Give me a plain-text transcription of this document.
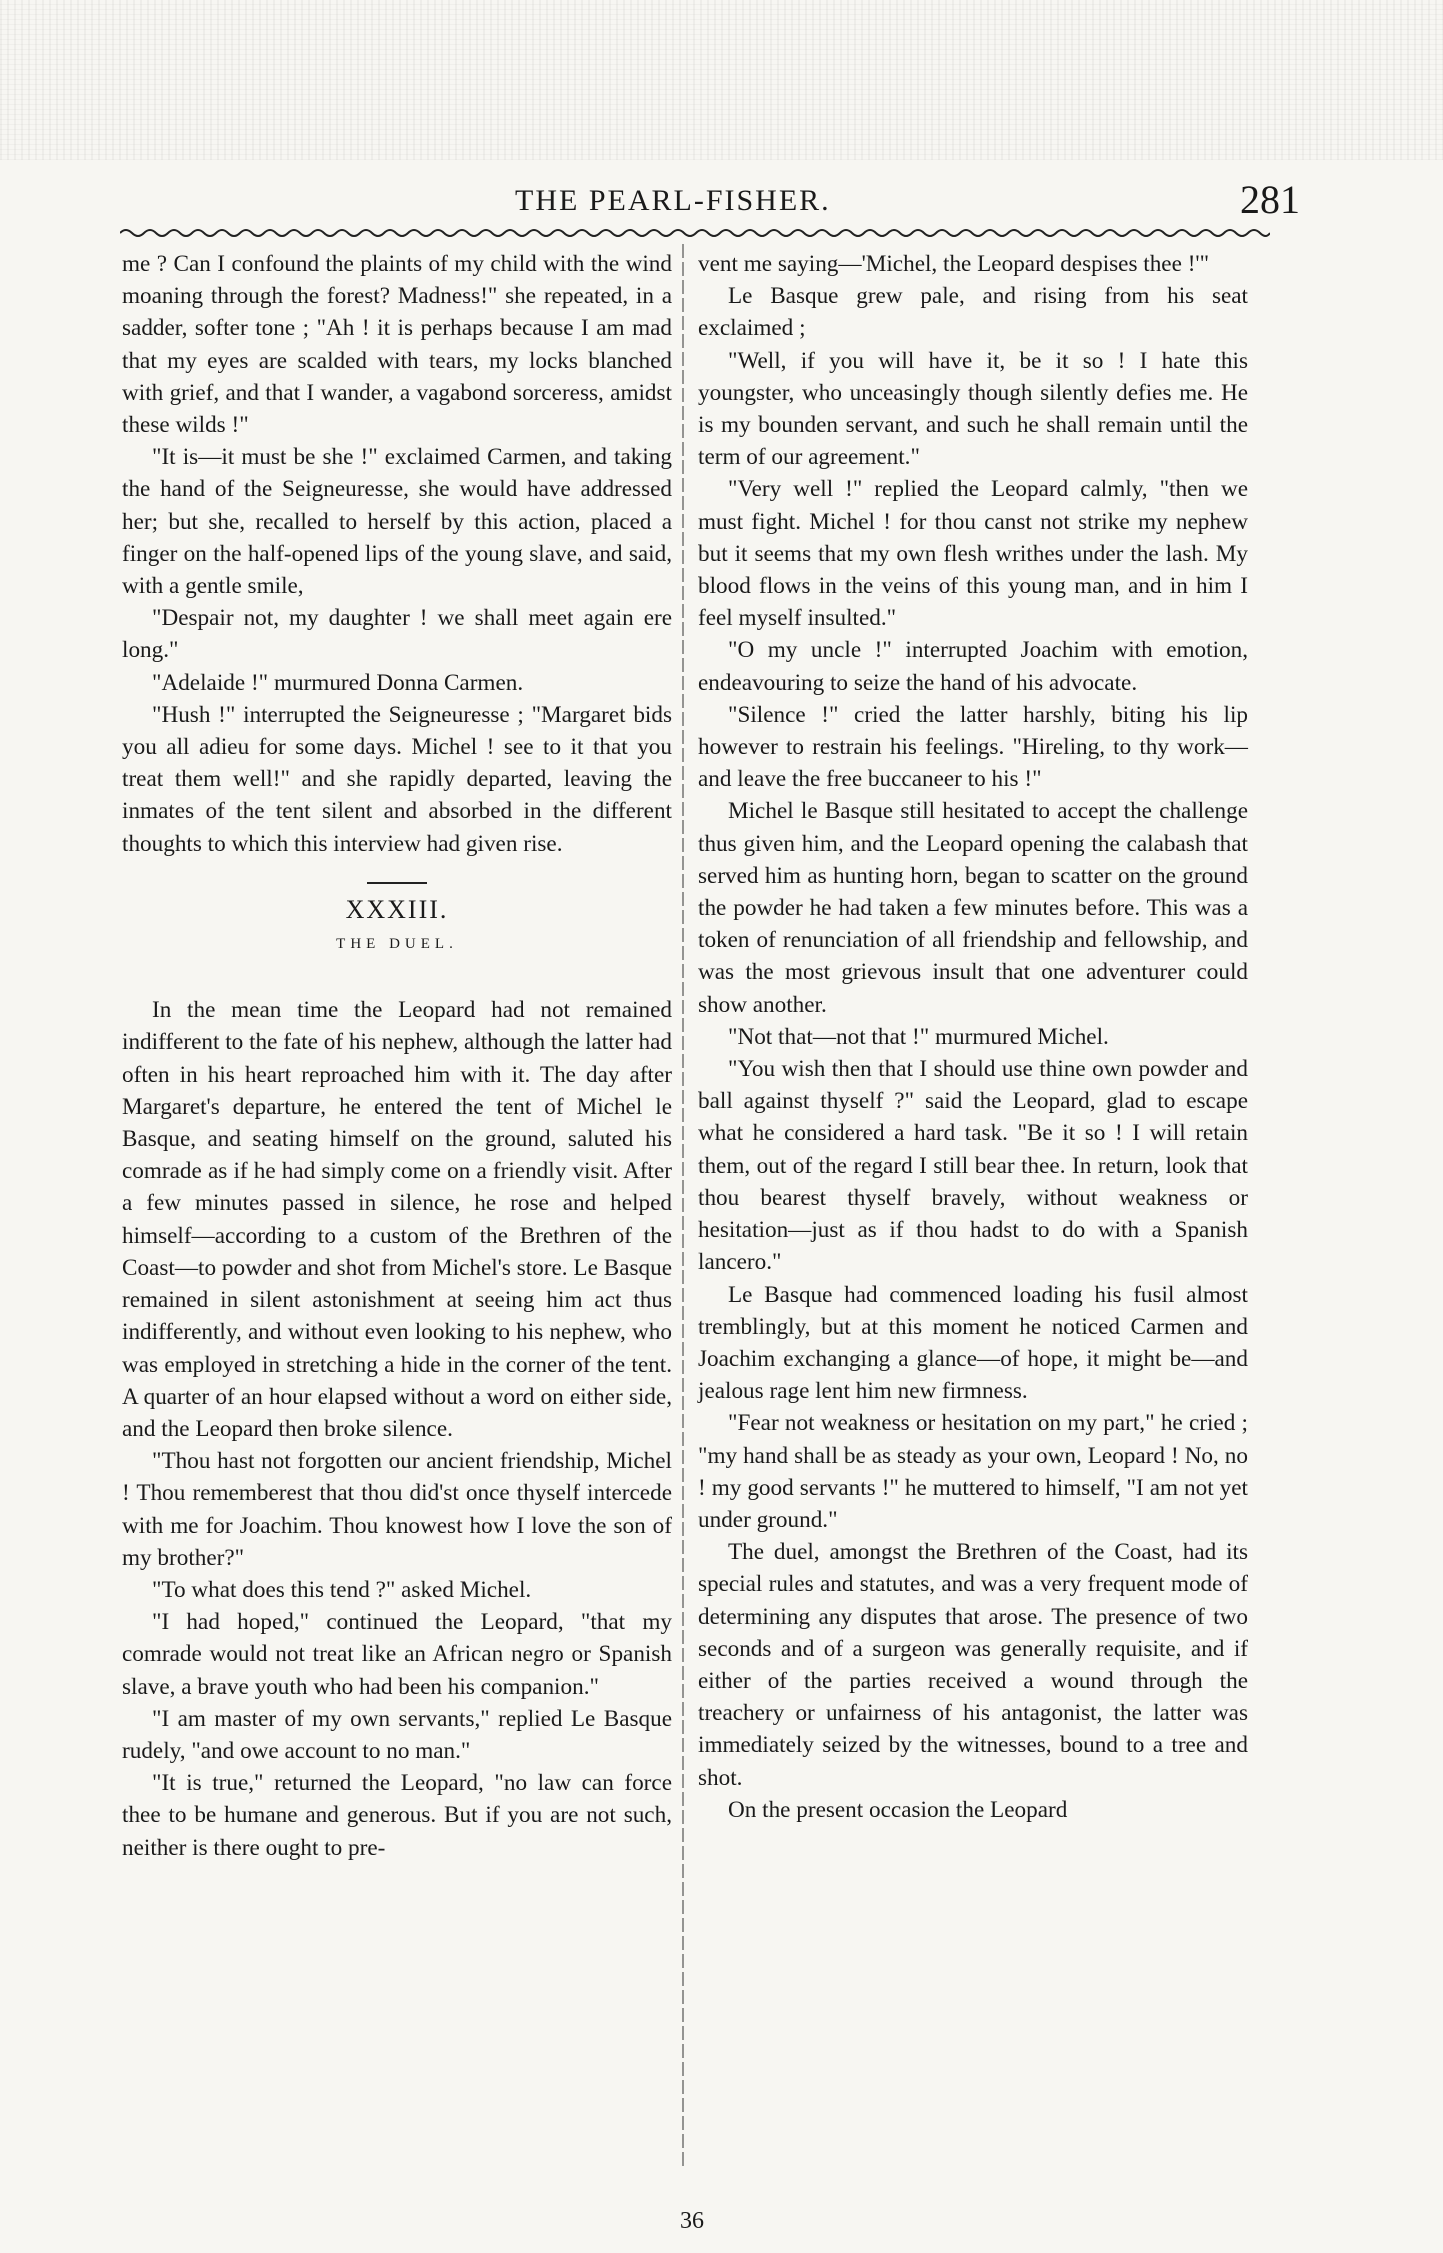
THE PEARL-FISHER.	281

me ? Can I confound the plaints of my child with the wind moaning through the forest? Madness!" she repeated, in a sadder, softer tone ; "Ah ! it is perhaps because I am mad that my eyes are scalded with tears, my locks blanched with grief, and that I wander, a vagabond sorceress, amidst these wilds !"

"It is—it must be she !" exclaimed Carmen, and taking the hand of the Seigneuresse, she would have addressed her; but she, recalled to herself by this action, placed a finger on the half-opened lips of the young slave, and said, with a gentle smile,

"Despair not, my daughter ! we shall meet again ere long."

"Adelaide !" murmured Donna Carmen.

"Hush !" interrupted the Seigneuresse ; "Margaret bids you all adieu for some days. Michel ! see to it that you treat them well!" and she rapidly departed, leaving the inmates of the tent silent and absorbed in the different thoughts to which this interview had given rise.

XXXIII.
THE DUEL.

In the mean time the Leopard had not remained indifferent to the fate of his nephew, although the latter had often in his heart reproached him with it. The day after Margaret's departure, he entered the tent of Michel le Basque, and seating himself on the ground, saluted his comrade as if he had simply come on a friendly visit. After a few minutes passed in silence, he rose and helped himself—according to a custom of the Brethren of the Coast—to powder and shot from Michel's store. Le Basque remained in silent astonishment at seeing him act thus indifferently, and without even looking to his nephew, who was employed in stretching a hide in the corner of the tent. A quarter of an hour elapsed without a word on either side, and the Leopard then broke silence.

"Thou hast not forgotten our ancient friendship, Michel ! Thou rememberest that thou did'st once thyself intercede with me for Joachim. Thou knowest how I love the son of my brother?"

"To what does this tend ?" asked Michel.

"I had hoped," continued the Leopard, "that my comrade would not treat like an African negro or Spanish slave, a brave youth who had been his companion."

"I am master of my own servants," replied Le Basque rudely, "and owe account to no man."

"It is true," returned the Leopard, "no law can force thee to be humane and generous. But if you are not such, neither is there ought to pre-

vent me saying—'Michel, the Leopard despises thee !'"

Le Basque grew pale, and rising from his seat exclaimed ;

"Well, if you will have it, be it so ! I hate this youngster, who unceasingly though silently defies me. He is my bounden servant, and such he shall remain until the term of our agreement."

"Very well !" replied the Leopard calmly, "then we must fight. Michel ! for thou canst not strike my nephew but it seems that my own flesh writhes under the lash. My blood flows in the veins of this young man, and in him I feel myself insulted."

"O my uncle !" interrupted Joachim with emotion, endeavouring to seize the hand of his advocate.

"Silence !" cried the latter harshly, biting his lip however to restrain his feelings. "Hireling, to thy work—and leave the free buccaneer to his !"

Michel le Basque still hesitated to accept the challenge thus given him, and the Leopard opening the calabash that served him as hunting horn, began to scatter on the ground the powder he had taken a few minutes before. This was a token of renunciation of all friendship and fellowship, and was the most grievous insult that one adventurer could show another.

"Not that—not that !" murmured Michel.

"You wish then that I should use thine own powder and ball against thyself ?" said the Leopard, glad to escape what he considered a hard task. "Be it so ! I will retain them, out of the regard I still bear thee. In return, look that thou bearest thyself bravely, without weakness or hesitation—just as if thou hadst to do with a Spanish lancero."

Le Basque had commenced loading his fusil almost tremblingly, but at this moment he noticed Carmen and Joachim exchanging a glance—of hope, it might be—and jealous rage lent him new firmness.

"Fear not weakness or hesitation on my part," he cried ; "my hand shall be as steady as your own, Leopard ! No, no ! my good servants !" he muttered to himself, "I am not yet under ground."

The duel, amongst the Brethren of the Coast, had its special rules and statutes, and was a very frequent mode of determining any disputes that arose. The presence of two seconds and of a surgeon was generally requisite, and if either of the parties received a wound through the treachery or unfairness of his antagonist, the latter was immediately seized by the witnesses, bound to a tree and shot.

On the present occasion the Leopard

36
